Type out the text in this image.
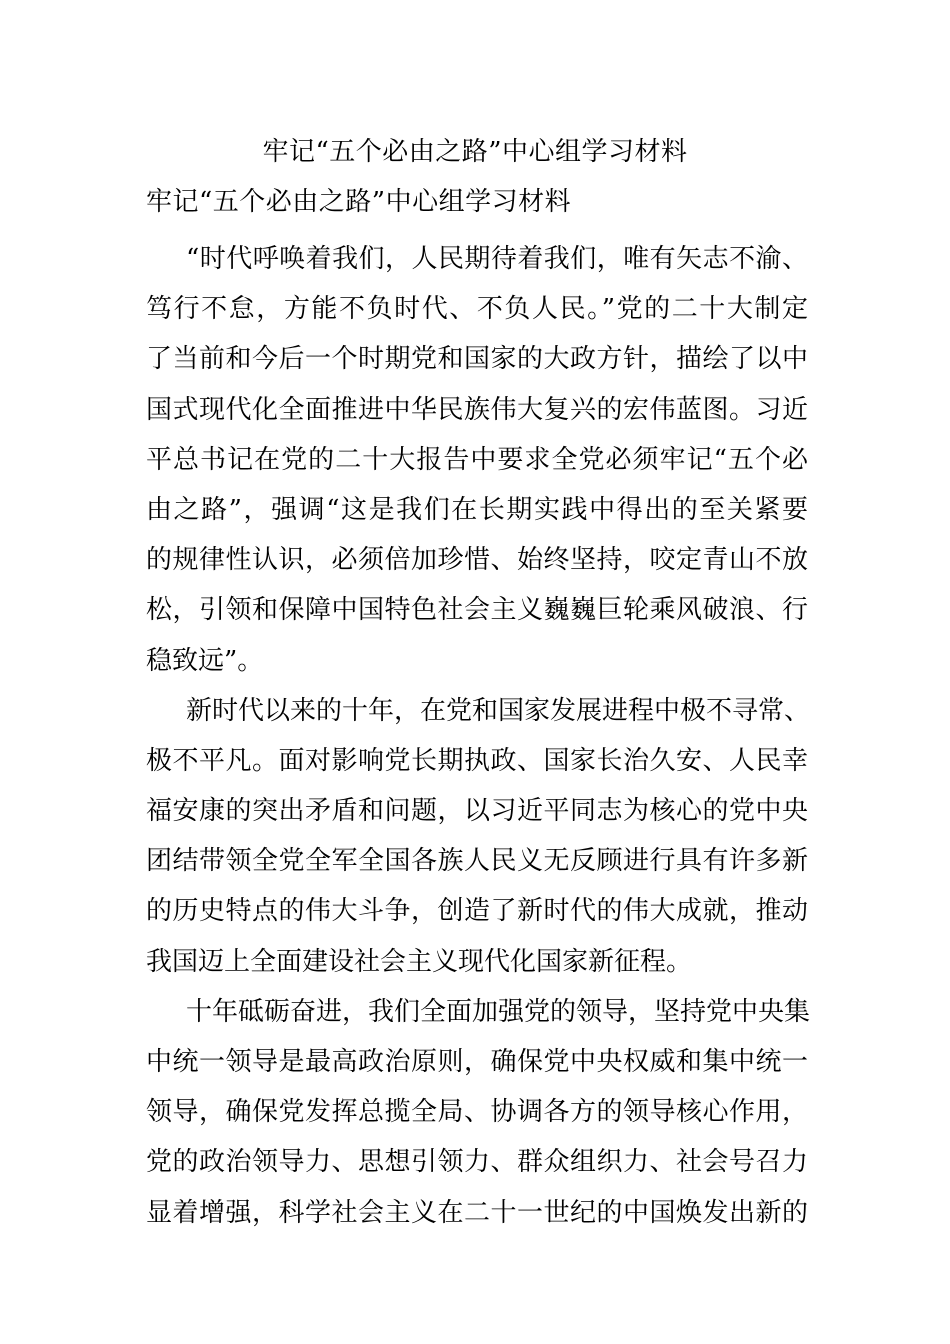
牢记“五个必由之路”中心组学习材料
牢记“五个必由之路”中心组学习材料
“时代呼唤着我们，人民期待着我们，唯有矢志不渝、
笃行不怠，方能不负时代、不负人民。”党的二十大制定
了当前和今后一个时期党和国家的大政方针，描绘了以中
国式现代化全面推进中华民族伟大复兴的宏伟蓝图。习近
平总书记在党的二十大报告中要求全党必须牢记“五个必
由之路”，强调“这是我们在长期实践中得出的至关紧要
的规律性认识，必须倍加珍惜、始终坚持，咬定青山不放
松，引领和保障中国特色社会主义巍巍巨轮乘风破浪、行
稳致远”。
新时代以来的十年，在党和国家发展进程中极不寻常、
极不平凡。面对影响党长期执政、国家长治久安、人民幸
福安康的突出矛盾和问题，以习近平同志为核心的党中央
团结带领全党全军全国各族人民义无反顾进行具有许多新
的历史特点的伟大斗争，创造了新时代的伟大成就，推动
我国迈上全面建设社会主义现代化国家新征程。
十年砥砺奋进，我们全面加强党的领导，坚持党中央集
中统一领导是最高政治原则，确保党中央权威和集中统一
领导，确保党发挥总揽全局、协调各方的领导核心作用，
党的政治领导力、思想引领力、群众组织力、社会号召力
显着增强，科学社会主义在二十一世纪的中国焕发出新的
